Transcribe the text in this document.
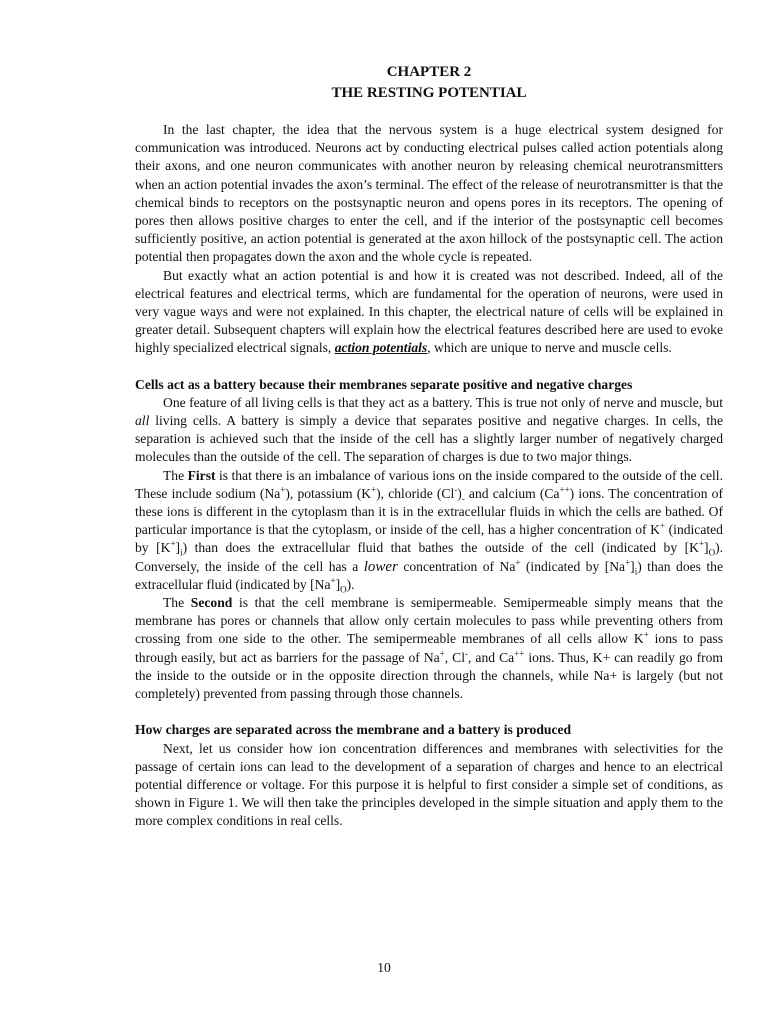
CHAPTER 2
THE RESTING POTENTIAL

In the last chapter, the idea that the nervous system is a huge electrical system designed for communication was introduced. Neurons act by conducting electrical pulses called action potentials along their axons, and one neuron communicates with another neuron by releasing chemical neurotransmitters when an action potential invades the axon’s terminal. The effect of the release of neurotransmitter is that the chemical binds to receptors on the postsynaptic neuron and opens pores in its receptors. The opening of pores then allows positive charges to enter the cell, and if the interior of the postsynaptic cell becomes sufficiently positive, an action potential is generated at the axon hillock of the postsynaptic cell. The action potential then propagates down the axon and the whole cycle is repeated.

But exactly what an action potential is and how it is created was not described. Indeed, all of the electrical features and electrical terms, which are fundamental for the operation of neurons, were used in very vague ways and were not explained. In this chapter, the electrical nature of cells will be explained in greater detail. Subsequent chapters will explain how the electrical features described here are used to evoke highly specialized electrical signals, action potentials, which are unique to nerve and muscle cells.

Cells act as a battery because their membranes separate positive and negative charges

One feature of all living cells is that they act as a battery. This is true not only of nerve and muscle, but all living cells. A battery is simply a device that separates positive and negative charges. In cells, the separation is achieved such that the inside of the cell has a slightly larger number of negatively charged molecules than the outside of the cell. The separation of charges is due to two major things.

The First is that there is an imbalance of various ions on the inside compared to the outside of the cell. These include sodium (Na+), potassium (K+), chloride $(Cl^-)_-$ and calcium (Ca++) ions. The concentration of these ions is different in the cytoplasm than it is in the extracellular fluids in which the cells are bathed. Of particular importance is that the cytoplasm, or inside of the cell, has a higher concentration of K+ (indicated by $[K^+]_i$) than does the extracellular fluid that bathes the outside of the cell (indicated by $[K^+]_O$). Conversely, the inside of the cell has a lower concentration of Na+ (indicated by $[Na^+]_i$) than does the extracellular fluid (indicated by $[Na^+]_O$).

The Second is that the cell membrane is semipermeable. Semipermeable simply means that the membrane has pores or channels that allow only certain molecules to pass while preventing others from crossing from one side to the other. The semipermeable membranes of all cells allow K+ ions to pass through easily, but act as barriers for the passage of Na+, Cl-, and Ca++ ions. Thus, K+ can readily go from the inside to the outside or in the opposite direction through the channels, while Na+ is largely (but not completely) prevented from passing through those channels.

How charges are separated across the membrane and a battery is produced

Next, let us consider how ion concentration differences and membranes with selectivities for the passage of certain ions can lead to the development of a separation of charges and hence to an electrical potential difference or voltage. For this purpose it is helpful to first consider a simple set of conditions, as shown in Figure 1. We will then take the principles developed in the simple situation and apply them to the more complex conditions in real cells.

10
